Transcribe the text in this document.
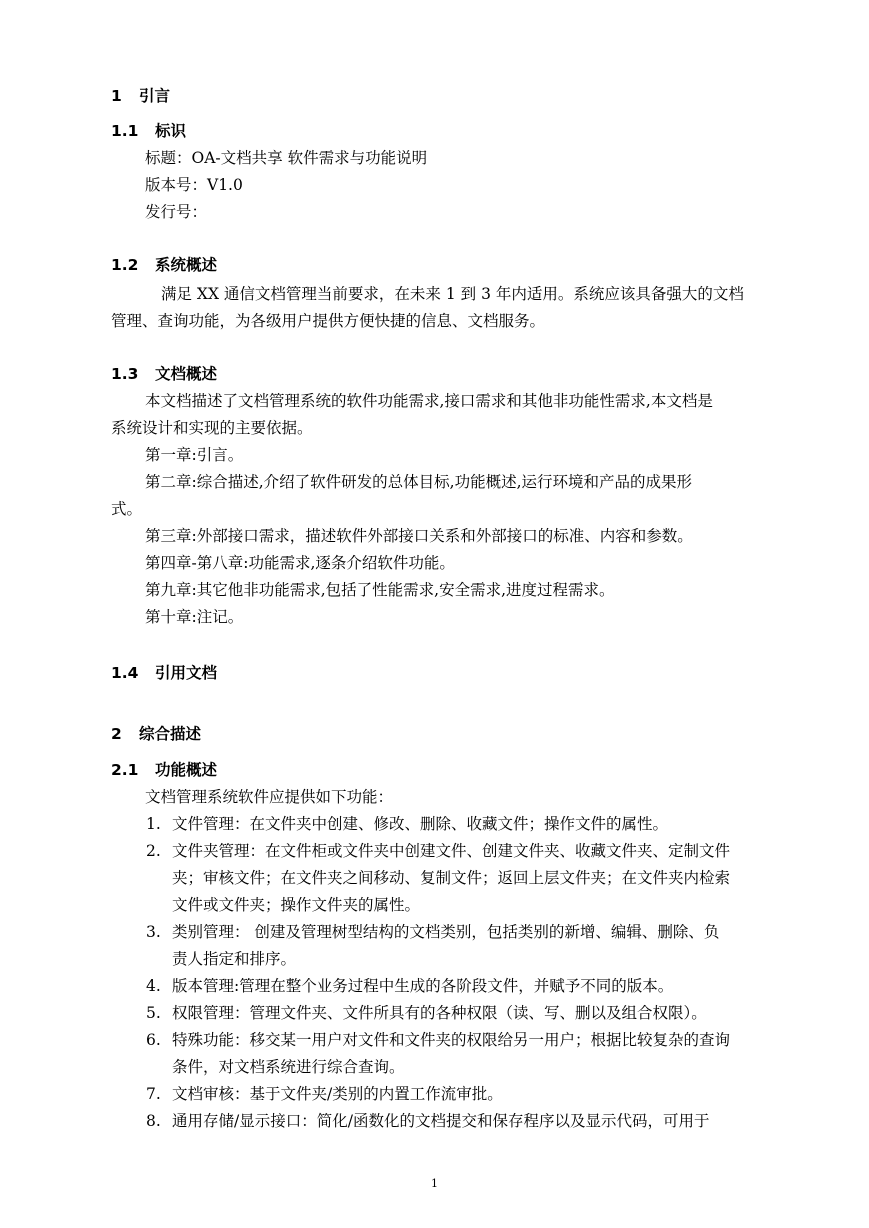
1 引言
1.1 标识
标题：OA-文档共享 软件需求与功能说明
版本号：V1.0
发行号：
1.2 系统概述
满足 XX 通信文档管理当前要求，在未来 1 到 3 年内适用。系统应该具备强大的文档
管理、查询功能，为各级用户提供方便快捷的信息、文档服务。
1.3 文档概述
本文档描述了文档管理系统的软件功能需求,接口需求和其他非功能性需求,本文档是
系统设计和实现的主要依据。
第一章:引言。
第二章:综合描述,介绍了软件研发的总体目标,功能概述,运行环境和产品的成果形
式。
第三章:外部接口需求，描述软件外部接口关系和外部接口的标准、内容和参数。
第四章-第八章:功能需求,逐条介绍软件功能。
第九章:其它他非功能需求,包括了性能需求,安全需求,进度过程需求。
第十章:注记。
1.4 引用文档
2 综合描述
2.1 功能概述
文档管理系统软件应提供如下功能：
1. 文件管理：在文件夹中创建、修改、删除、收藏文件；操作文件的属性。
2. 文件夹管理：在文件柜或文件夹中创建文件、创建文件夹、收藏文件夹、定制文件
夹；审核文件；在文件夹之间移动、复制文件；返回上层文件夹；在文件夹内检索
文件或文件夹；操作文件夹的属性。
3. 类别管理： 创建及管理树型结构的文档类别，包括类别的新增、编辑、删除、负
责人指定和排序。
4. 版本管理:管理在整个业务过程中生成的各阶段文件，并赋予不同的版本。
5. 权限管理：管理文件夹、文件所具有的各种权限（读、写、删以及组合权限）。
6. 特殊功能：移交某一用户对文件和文件夹的权限给另一用户；根据比较复杂的查询
条件，对文档系统进行综合查询。
7. 文档审核：基于文件夹/类别的内置工作流审批。
8. 通用存储/显示接口：简化/函数化的文档提交和保存程序以及显示代码，可用于
1
